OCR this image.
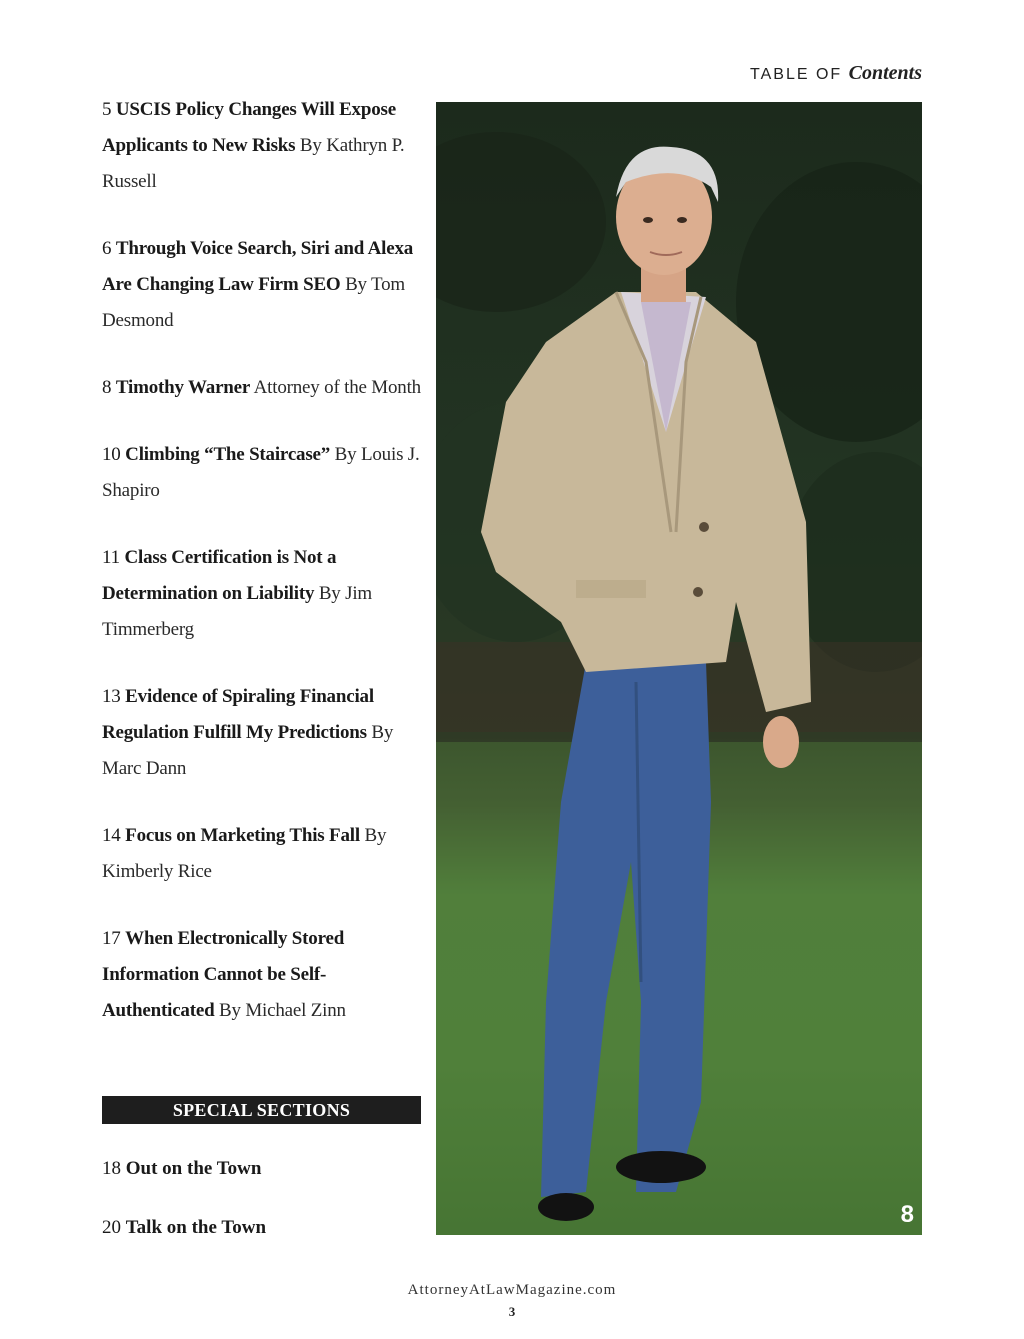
TABLE OF Contents
5 USCIS Policy Changes Will Expose Applicants to New Risks By Kathryn P. Russell
6 Through Voice Search, Siri and Alexa Are Changing Law Firm SEO By Tom Desmond
8 Timothy Warner Attorney of the Month
10 Climbing “The Staircase” By Louis J. Shapiro
11 Class Certification is Not a Determination on Liability By Jim Timmerberg
13 Evidence of Spiraling Financial Regulation Fulfill My Predictions By Marc Dann
14 Focus on Marketing This Fall By Kimberly Rice
17 When Electronically Stored Information Cannot be Self-Authenticated By Michael Zinn
SPECIAL SECTIONS
18 Out on the Town
20 Talk on the Town	8
AttorneyAtLawMagazine.com
3
